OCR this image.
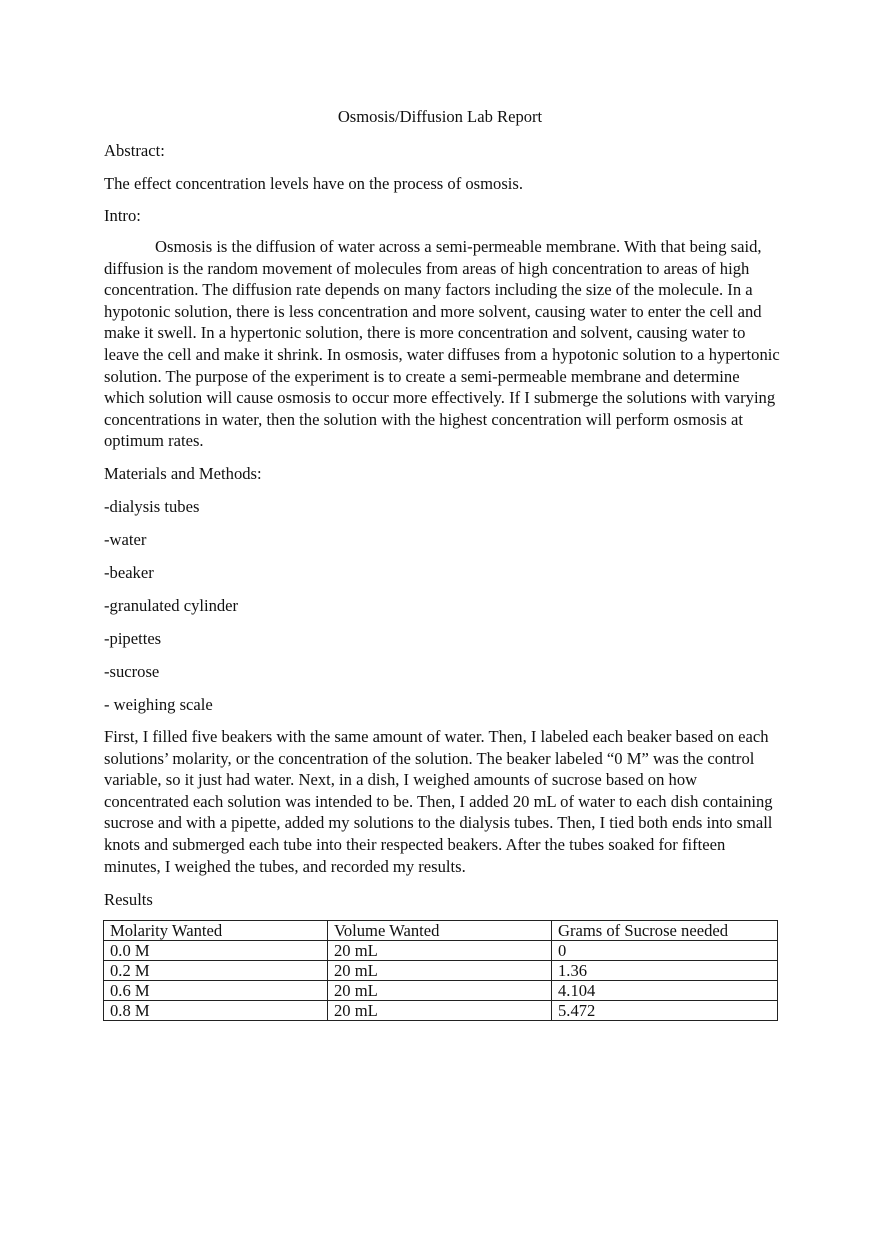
Osmosis/Diffusion Lab Report
Abstract:
The effect concentration levels have on the process of osmosis.
Intro:
Osmosis is the diffusion of water across a semi-permeable membrane. With that being said, diffusion is the random movement of molecules from areas of high concentration to areas of high concentration. The diffusion rate depends on many factors including the size of the molecule. In a hypotonic solution, there is less concentration and more solvent, causing water to enter the cell and make it swell. In a hypertonic solution, there is more concentration and solvent, causing water to leave the cell and make it shrink. In osmosis, water diffuses from a hypotonic solution to a hypertonic solution. The purpose of the experiment is to create a semi-permeable membrane and determine which solution will cause osmosis to occur more effectively. If I submerge the solutions with varying concentrations in water, then the solution with the highest concentration will perform osmosis at optimum rates.
Materials and Methods:
-dialysis tubes
-water
-beaker
-granulated cylinder
-pipettes
-sucrose
- weighing scale
First, I filled five beakers with the same amount of water. Then, I labeled each beaker based on each solutions’ molarity, or the concentration of the solution. The beaker labeled “0 M” was the control variable, so it just had water. Next, in a dish, I weighed amounts of sucrose based on how concentrated each solution was intended to be. Then, I added 20 mL of water to each dish containing sucrose and with a pipette, added my solutions to the dialysis tubes. Then, I tied both ends into small knots and submerged each tube into their respected beakers. After the tubes soaked for fifteen minutes, I weighed the tubes, and recorded my results.
Results
Molarity Wanted	Volume Wanted	Grams of Sucrose needed
0.0 M	20 mL	0
0.2 M	20 mL	1.36
0.6 M	20 mL	4.104
0.8 M	20 mL	5.472
